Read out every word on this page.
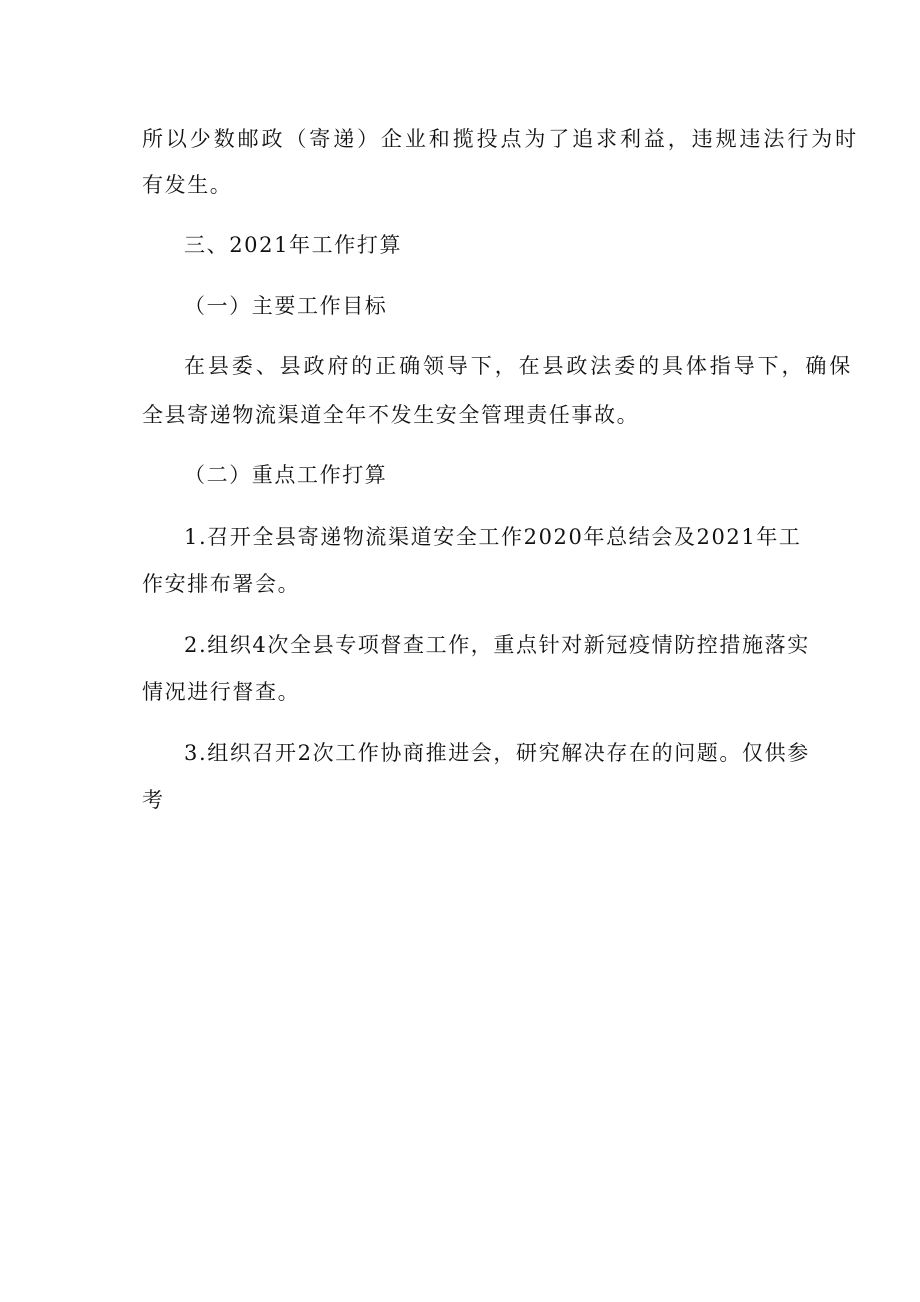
所以少数邮政（寄递）企业和揽投点为了追求利益，违规违法行为时
有发生。
三、2021年工作打算
（一）主要工作目标
在县委、县政府的正确领导下，在县政法委的具体指导下，确保
全县寄递物流渠道全年不发生安全管理责任事故。
（二）重点工作打算
1.召开全县寄递物流渠道安全工作2020年总结会及2021年工
作安排布署会。
2.组织4次全县专项督查工作，重点针对新冠疫情防控措施落实
情况进行督查。
3.组织召开2次工作协商推进会，研究解决存在的问题。仅供参
考
